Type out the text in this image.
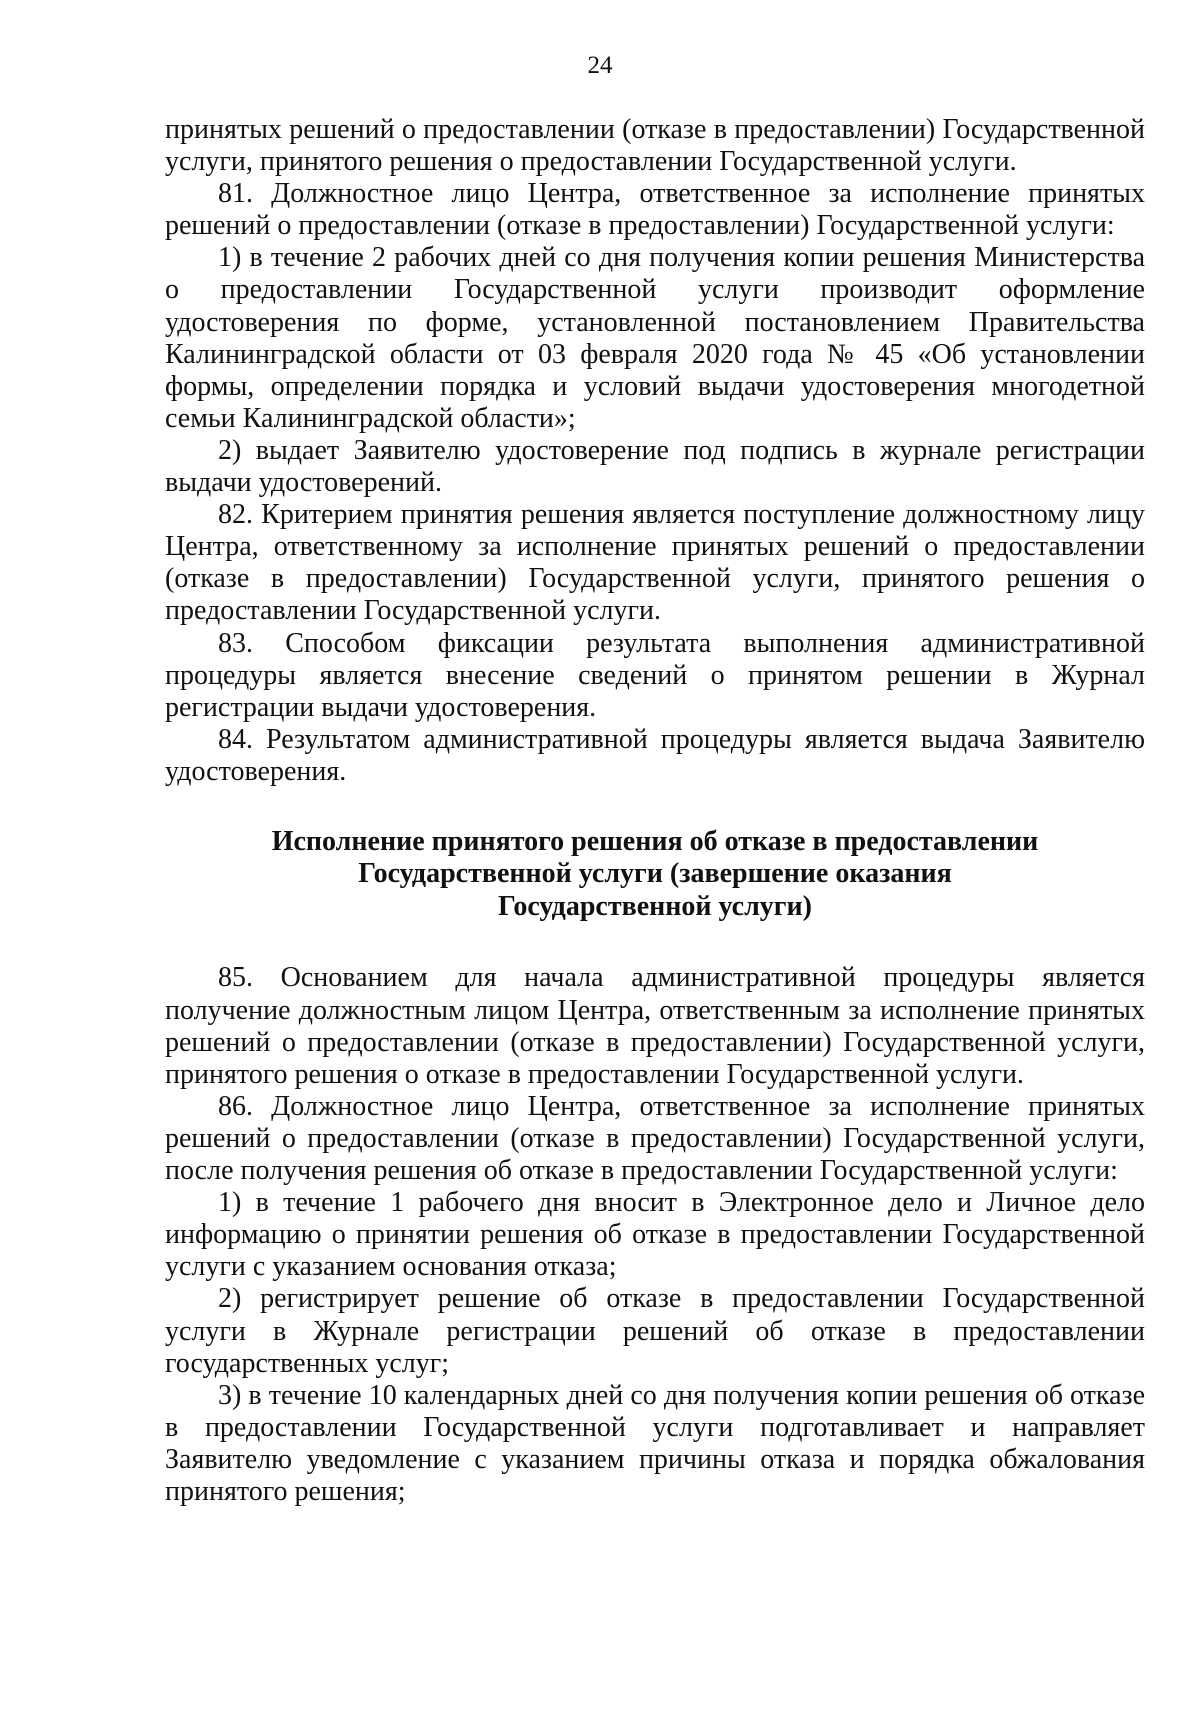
24

принятых решений о предоставлении (отказе в предоставлении) Государственной услуги, принятого решения о предоставлении Государственной услуги.

81. Должностное лицо Центра, ответственное за исполнение принятых решений о предоставлении (отказе в предоставлении) Государственной услуги:

1) в течение 2 рабочих дней со дня получения копии решения Министерства о предоставлении Государственной услуги производит оформление удостоверения по форме, установленной постановлением Правительства Калининградской области от 03 февраля 2020 года № 45 «Об установлении формы, определении порядка и условий выдачи удостоверения многодетной семьи Калининградской области»;

2) выдает Заявителю удостоверение под подпись в журнале регистрации выдачи удостоверений.

82. Критерием принятия решения является поступление должностному лицу Центра, ответственному за исполнение принятых решений о предоставлении (отказе в предоставлении) Государственной услуги, принятого решения о предоставлении Государственной услуги.

83. Способом фиксации результата выполнения административной процедуры является внесение сведений о принятом решении в Журнал регистрации выдачи удостоверения.

84. Результатом административной процедуры является выдача Заявителю удостоверения.

Исполнение принятого решения об отказе в предоставлении
Государственной услуги (завершение оказания
Государственной услуги)

85. Основанием для начала административной процедуры является получение должностным лицом Центра, ответственным за исполнение принятых решений о предоставлении (отказе в предоставлении) Государственной услуги, принятого решения о отказе в предоставлении Государственной услуги.

86. Должностное лицо Центра, ответственное за исполнение принятых решений о предоставлении (отказе в предоставлении) Государственной услуги, после получения решения об отказе в предоставлении Государственной услуги:

1) в течение 1 рабочего дня вносит в Электронное дело и Личное дело информацию о принятии решения об отказе в предоставлении Государственной услуги с указанием основания отказа;

2) регистрирует решение об отказе в предоставлении Государственной услуги в Журнале регистрации решений об отказе в предоставлении государственных услуг;

3) в течение 10 календарных дней со дня получения копии решения об отказе в предоставлении Государственной услуги подготавливает и направляет Заявителю уведомление с указанием причины отказа и порядка обжалования принятого решения;
